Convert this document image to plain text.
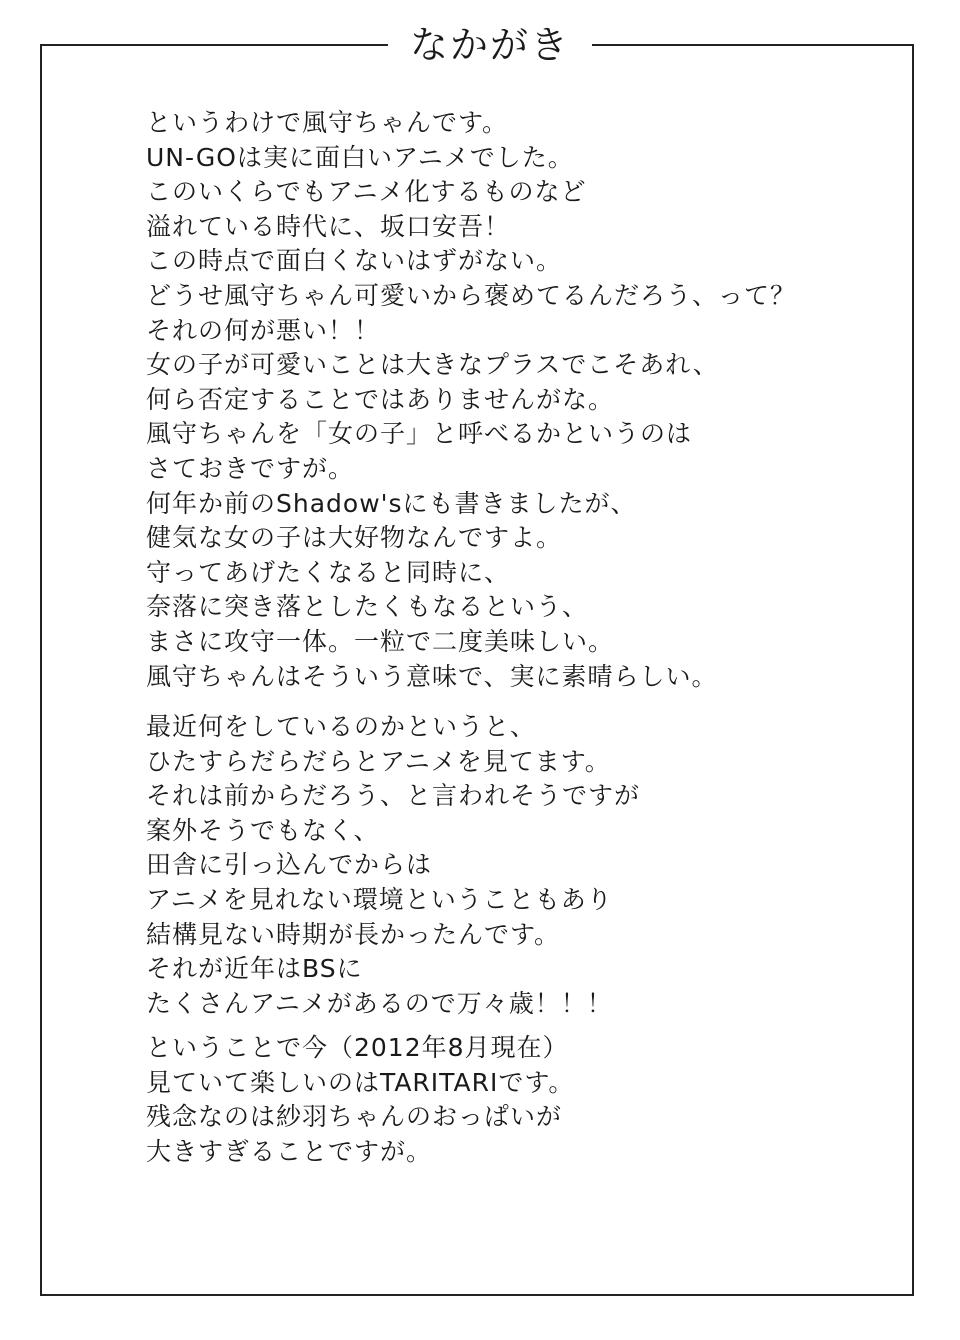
なかがき
というわけで風守ちゃんです。
UN-GOは実に面白いアニメでした。
このいくらでもアニメ化するものなど
溢れている時代に、坂口安吾！
この時点で面白くないはずがない。
どうせ風守ちゃん可愛いから褒めてるんだろう、って？
それの何が悪い！！
女の子が可愛いことは大きなプラスでこそあれ、
何ら否定することではありませんがな。
風守ちゃんを「女の子」と呼べるかというのは
さておきですが。
何年か前のShadow'sにも書きましたが、
健気な女の子は大好物なんですよ。
守ってあげたくなると同時に、
奈落に突き落としたくもなるという、
まさに攻守一体。一粒で二度美味しい。
風守ちゃんはそういう意味で、実に素晴らしい。
最近何をしているのかというと、
ひたすらだらだらとアニメを見てます。
それは前からだろう、と言われそうですが
案外そうでもなく、
田舎に引っ込んでからは
アニメを見れない環境ということもあり
結構見ない時期が長かったんです。
それが近年はBSに
たくさんアニメがあるので万々歳！！！
ということで今（2012年8月現在）
見ていて楽しいのはTARITARIです。
残念なのは紗羽ちゃんのおっぱいが
大きすぎることですが。
